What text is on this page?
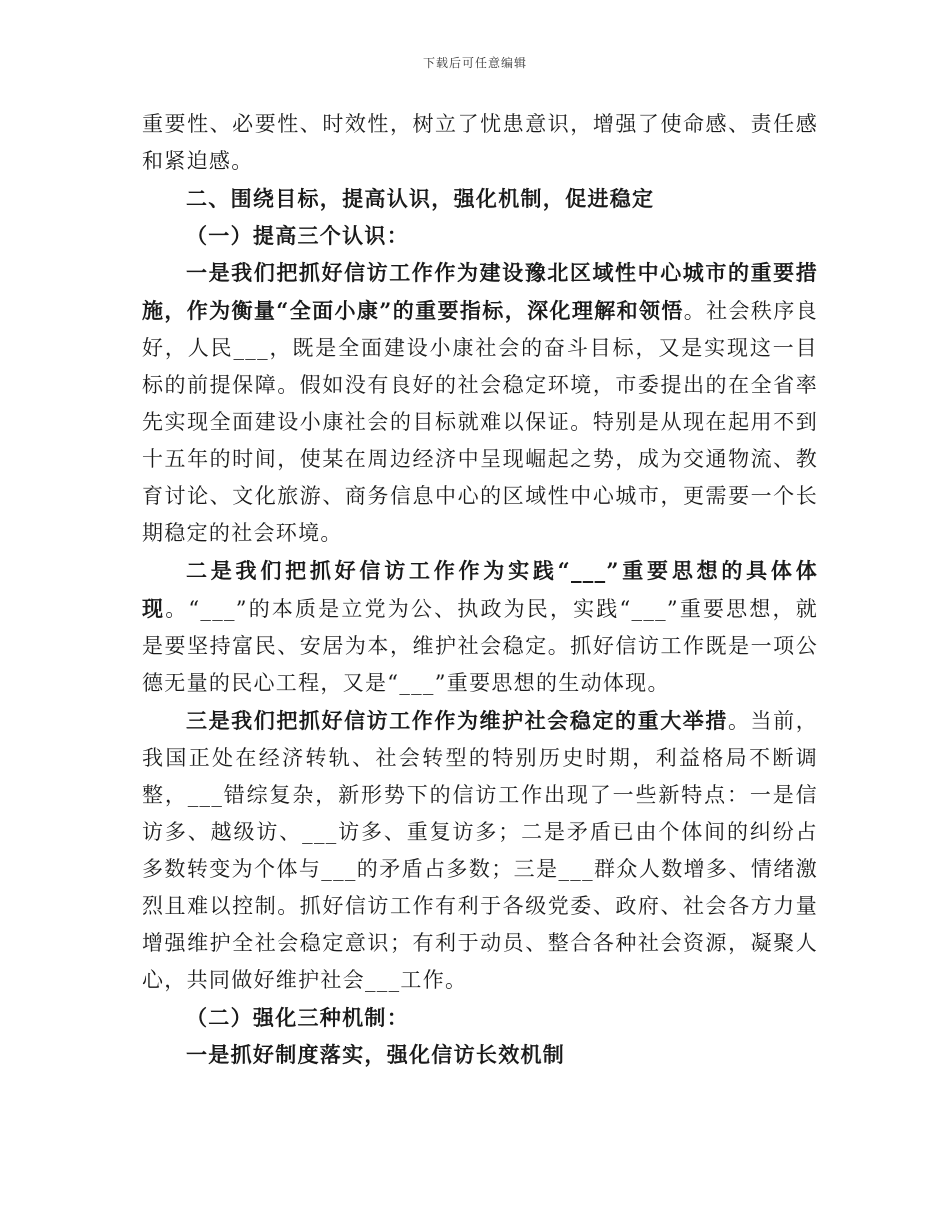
下载后可任意编辑

重要性、必要性、时效性，树立了忧患意识，增强了使命感、责任感和紧迫感。

二、围绕目标，提高认识，强化机制，促进稳定

（一）提高三个认识：

一是我们把抓好信访工作作为建设豫北区域性中心城市的重要措施，作为衡量“全面小康”的重要指标，深化理解和领悟。社会秩序良好，人民___，既是全面建设小康社会的奋斗目标，又是实现这一目标的前提保障。假如没有良好的社会稳定环境，市委提出的在全省率先实现全面建设小康社会的目标就难以保证。特别是从现在起用不到十五年的时间，使某在周边经济中呈现崛起之势，成为交通物流、教育讨论、文化旅游、商务信息中心的区域性中心城市，更需要一个长期稳定的社会环境。

二是我们把抓好信访工作作为实践“___”重要思想的具体体现。“___”的本质是立党为公、执政为民，实践“___”重要思想，就是要坚持富民、安居为本，维护社会稳定。抓好信访工作既是一项公德无量的民心工程，又是“___”重要思想的生动体现。

三是我们把抓好信访工作作为维护社会稳定的重大举措。当前，我国正处在经济转轨、社会转型的特别历史时期，利益格局不断调整，___错综复杂，新形势下的信访工作出现了一些新特点：一是信访多、越级访、___访多、重复访多；二是矛盾已由个体间的纠纷占多数转变为个体与___的矛盾占多数；三是___群众人数增多、情绪激烈且难以控制。抓好信访工作有利于各级党委、政府、社会各方力量增强维护全社会稳定意识；有利于动员、整合各种社会资源，凝聚人心，共同做好维护社会___工作。

（二）强化三种机制：

一是抓好制度落实，强化信访长效机制
